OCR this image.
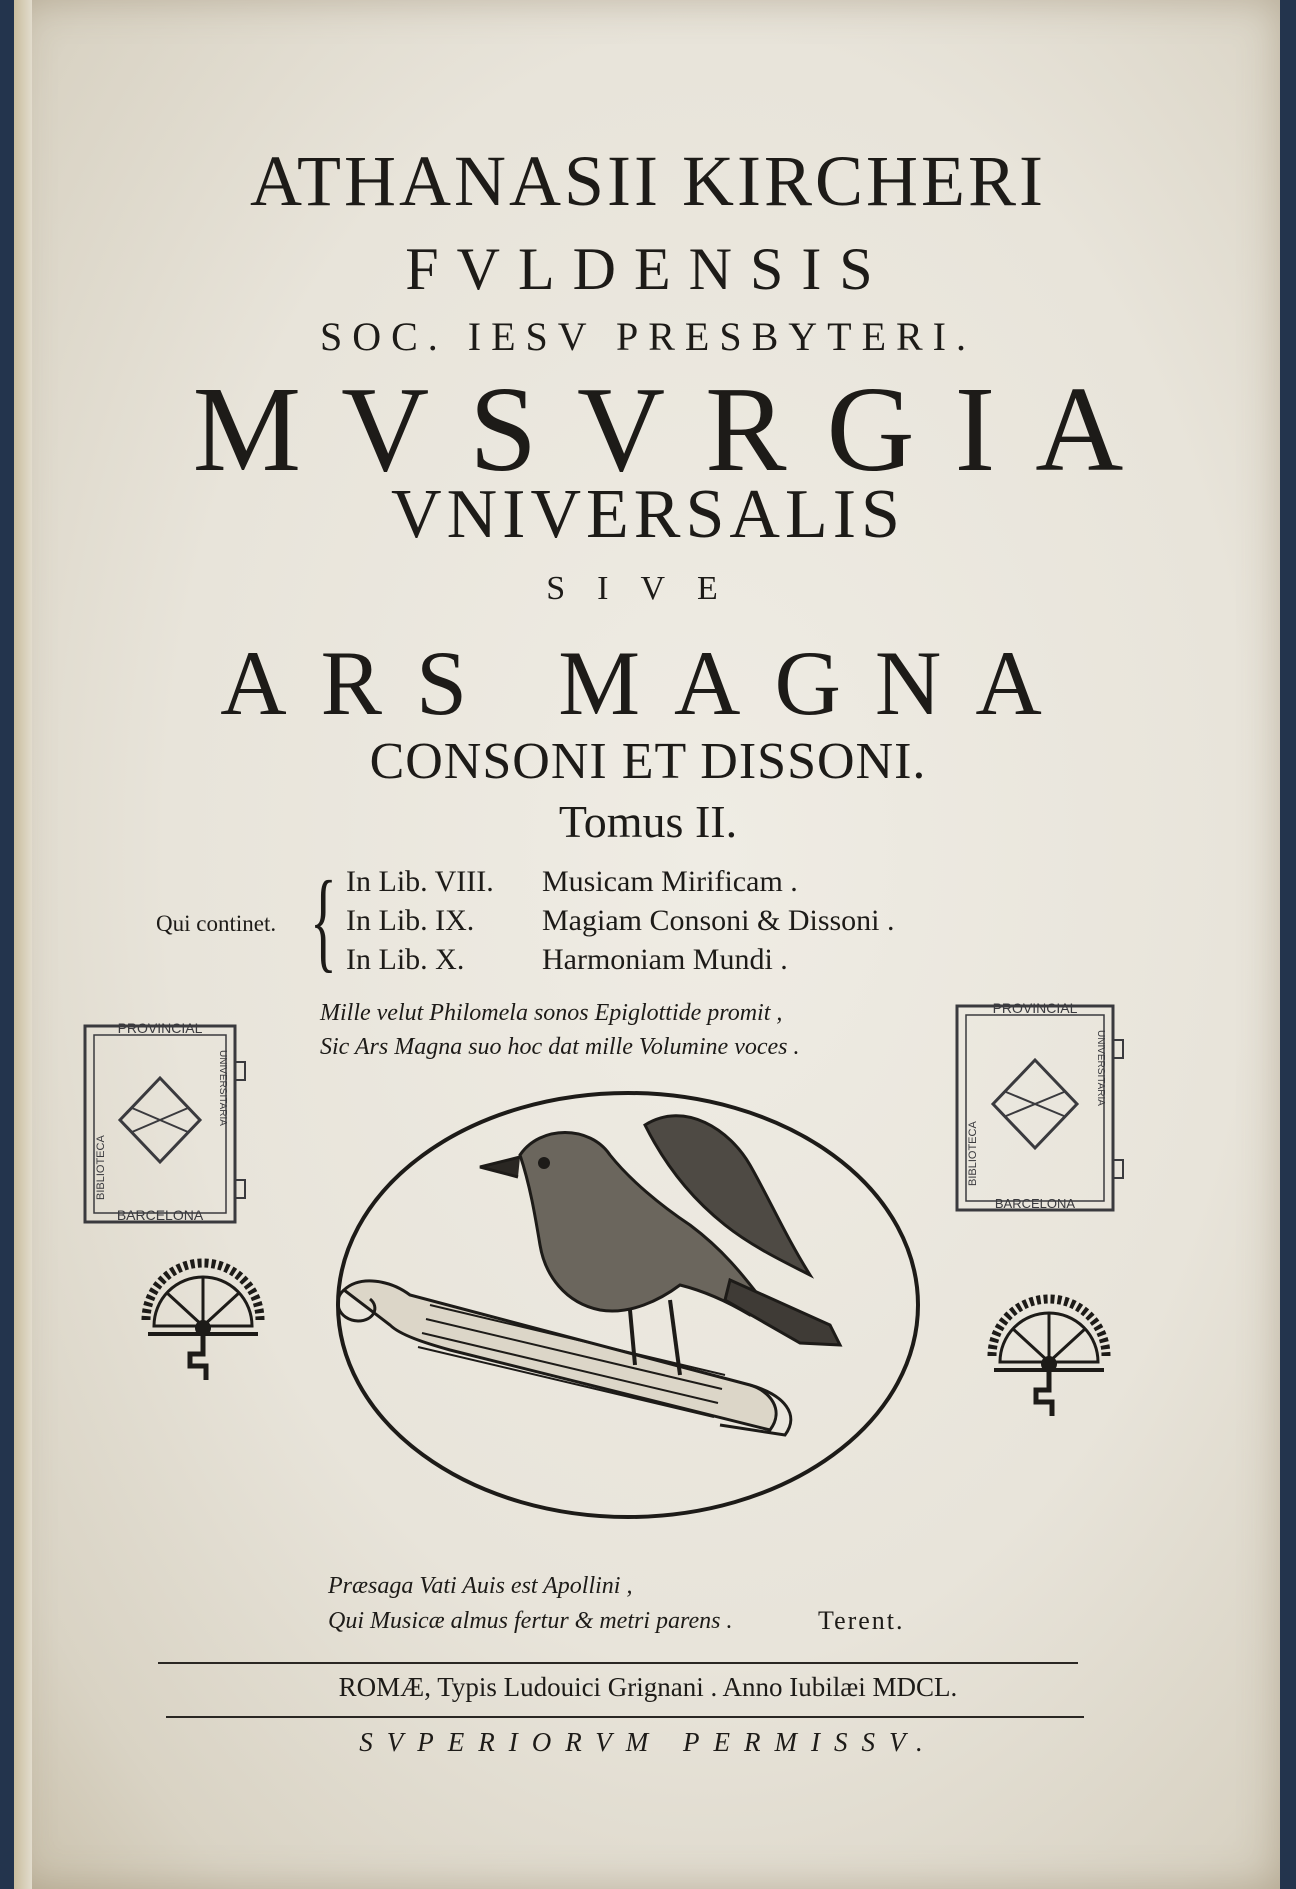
ATHANASII KIRCHERI
FVLDENSIS
SOC. IESV PRESBYTERI.
MVSVRGIA
VNIVERSALIS
SIVE
ARS MAGNA
CONSONI ET DISSONI.
Tomus II.
Qui continet. { In Lib. VIII. Musicam Mirificam .
In Lib. IX. Magiam Consoni & Dissoni .
In Lib. X.	Harmoniam Mundi .
Mille velut Philomela sonos Epiglottide promit ,
Sic Ars Magna suo hoc dat mille Volumine voces .
PROVINCIAL
BARCELONA
BIBLIOTECA
UNIVERSITARIA
PROVINCIAL
BARCELONA
BIBLIOTECA
UNIVERSITARIA
Præsaga Vati Auis est Apollini ,
Qui Musicæ almus fertur & metri parens .	Terent.
ROMÆ, Typis Ludouici Grignani . Anno Iubilæi MDCL.
SVPERIORVM PERMISSV.
